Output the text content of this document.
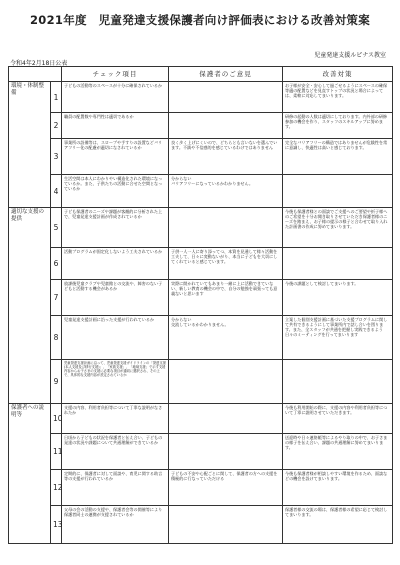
2021年度　児童発達支援保護者向け評価表における改善対策案
児童発達支援ルピナス教室
令和4年2月18日公表
		チェック項目	保護者のご意見	改善対策
環境・体制整備	1	子どもの活動等のスペースが十分に確保されているか		お子様が安全・安心して過ごせるようにスペースの確保等適の配置などを見直すトップの状況と場合によっては、柔軟に対応してまいります。
	2	職員の配置数や専門性は適切であるか		研修の起動の人数は適切にしております。内外部の研修参加の機会を作り、スタッフのスキルアップに努めます。
	3	事業所の設備等は、スロープや手すりの設置などバリアフリー化の配慮が適切になされているか	良く歩く上げにくいので、どちらとも言いないを選んでいます。不満や不信感的を感じているわけではありません	完全なバリアフリーの構造ではありませんが危険性を常に意識し、快適性は高いと感じております。
	4	生活空間は本人にわかりやい構造化された環境になっているか。また、子供たちの活動に合せた空間となっているか	分からない
バリアフリーになっているかわかりません。	
適切な支援の提供	5	子ども保護者のニーズや課題が客観的に分析された上で、児童発達支援計画が作成されているか		今後も保護者様との面談でご支援へのご要望や折子様へのご希望を十分お聞き取りさせていただき保護者様のニーズを踏まえ、お子様の提示の様子と合わせて取り入れた計画書の作成に努めてまいります。
	6	活動プログラムが固定化しないよう工夫されているか	子供一人一人に寄り添ってつ、本質を見通して様々活動を工夫して、日々に変動ないがり、本当に子どもを大切にしてくれていると感じています。	
	7	放課後児童クラブや児童館との交流や、障害のない子どもと活動する機会があるか	実際に開かれていてもあまり一緒に上に活動できていない、新しい教育の機会の中で、自分の勉強を頑張っても意義ないと思います	今後の課題として検討してまいります。
	8	児童発達支援計画に沿った支援が行われているか	分からない
交流しているかわかりません。	立案した個別支援計画に基づいた支援プログラムに関して共有できるようにして事業所内で話し合いを図ります。また、全スタッフが共通を把握し実践できるよう日々のミーティングを行ってまいります
	9	児童発達支援計画に沿って、児童発達支援ガイドラインの「発達支援(本人支援及び移行支援)」、「家族支援」、「地域支援」で示す支援内容からお子さまの支援に必要な項目が適切に選択され、その上で、具体的な支援内容が設定されているか		
保護者への説明等	10	支援の内容、利用者負担等について丁寧な説明がなされたか		今後も利用開始の際に、支援の内容や利用者負担等について丁寧に説明させていただきます。
	11	日頃から子どもの状況を保護者と伝え合い、子どもの発達の状況や課題について共通理解ができているか		送迎時や日々連絡帳等によるやり取りの中で、お子さまの様子を伝え合い、課題の共通理解に努めてまいります。
	12	定期的に、保護者に対して面談や、育児に関する助言等の支援が行われているか	子どもの不安や心配ごとに関して、保護者の方への支援を積極的に行なっていただける	今後も保護者様が相談しやすい環境を作るため、面談などの機会を設けてまいります。
	13	父母の会の活動の支援や、保護者会等の開催等により保護者同士の連携が支援されているか		保護者様の交流の場は、保護者様の希望に応じて検討してまいります。
